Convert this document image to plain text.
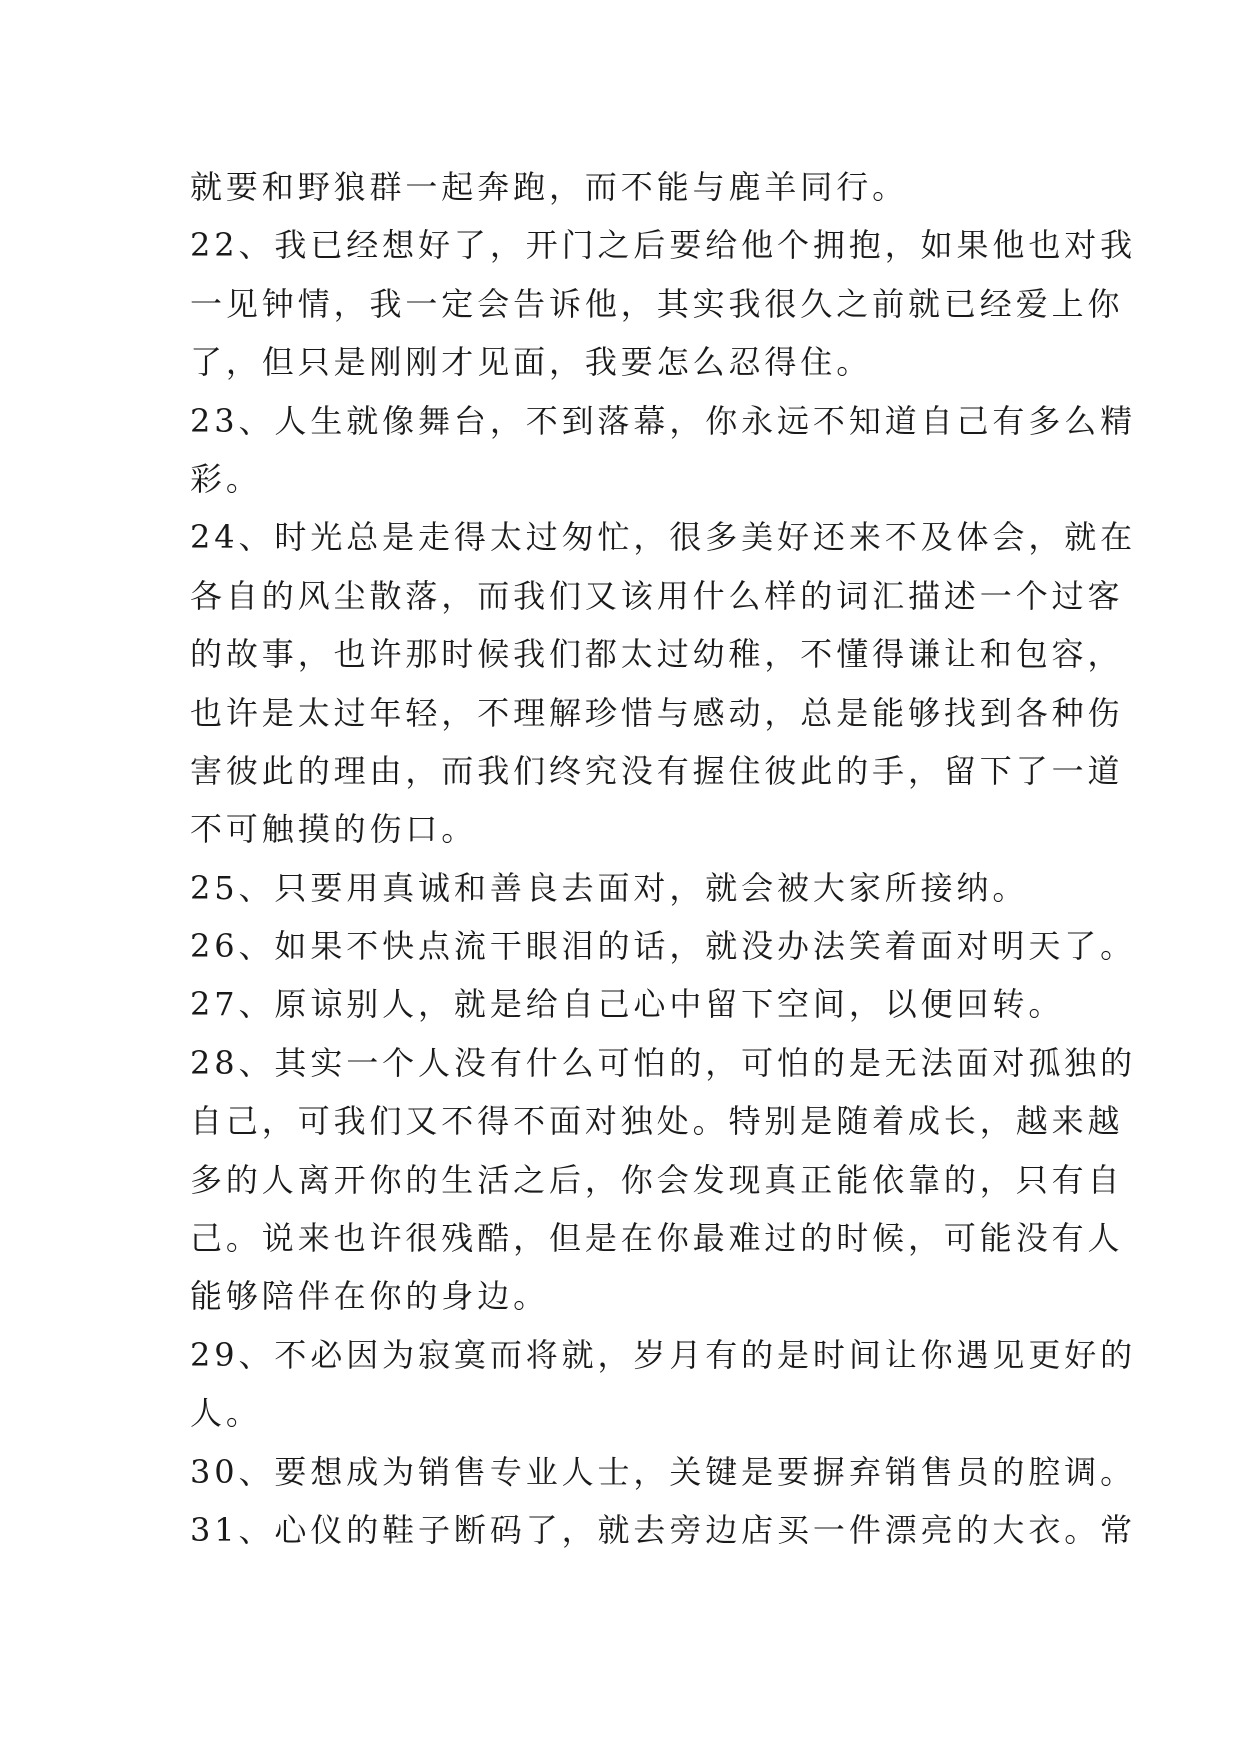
就要和野狼群一起奔跑，而不能与鹿羊同行。
22、我已经想好了，开门之后要给他个拥抱，如果他也对我
一见钟情，我一定会告诉他，其实我很久之前就已经爱上你
了，但只是刚刚才见面，我要怎么忍得住。
23、人生就像舞台，不到落幕，你永远不知道自己有多么精
彩。
24、时光总是走得太过匆忙，很多美好还来不及体会，就在
各自的风尘散落，而我们又该用什么样的词汇描述一个过客
的故事，也许那时候我们都太过幼稚，不懂得谦让和包容，
也许是太过年轻，不理解珍惜与感动，总是能够找到各种伤
害彼此的理由，而我们终究没有握住彼此的手，留下了一道
不可触摸的伤口。
25、只要用真诚和善良去面对，就会被大家所接纳。
26、如果不快点流干眼泪的话，就没办法笑着面对明天了。
27、原谅别人，就是给自己心中留下空间，以便回转。
28、其实一个人没有什么可怕的，可怕的是无法面对孤独的
自己，可我们又不得不面对独处。特别是随着成长，越来越
多的人离开你的生活之后，你会发现真正能依靠的，只有自
己。说来也许很残酷，但是在你最难过的时候，可能没有人
能够陪伴在你的身边。
29、不必因为寂寞而将就，岁月有的是时间让你遇见更好的
人。
30、要想成为销售专业人士，关键是要摒弃销售员的腔调。
31、心仪的鞋子断码了，就去旁边店买一件漂亮的大衣。常
